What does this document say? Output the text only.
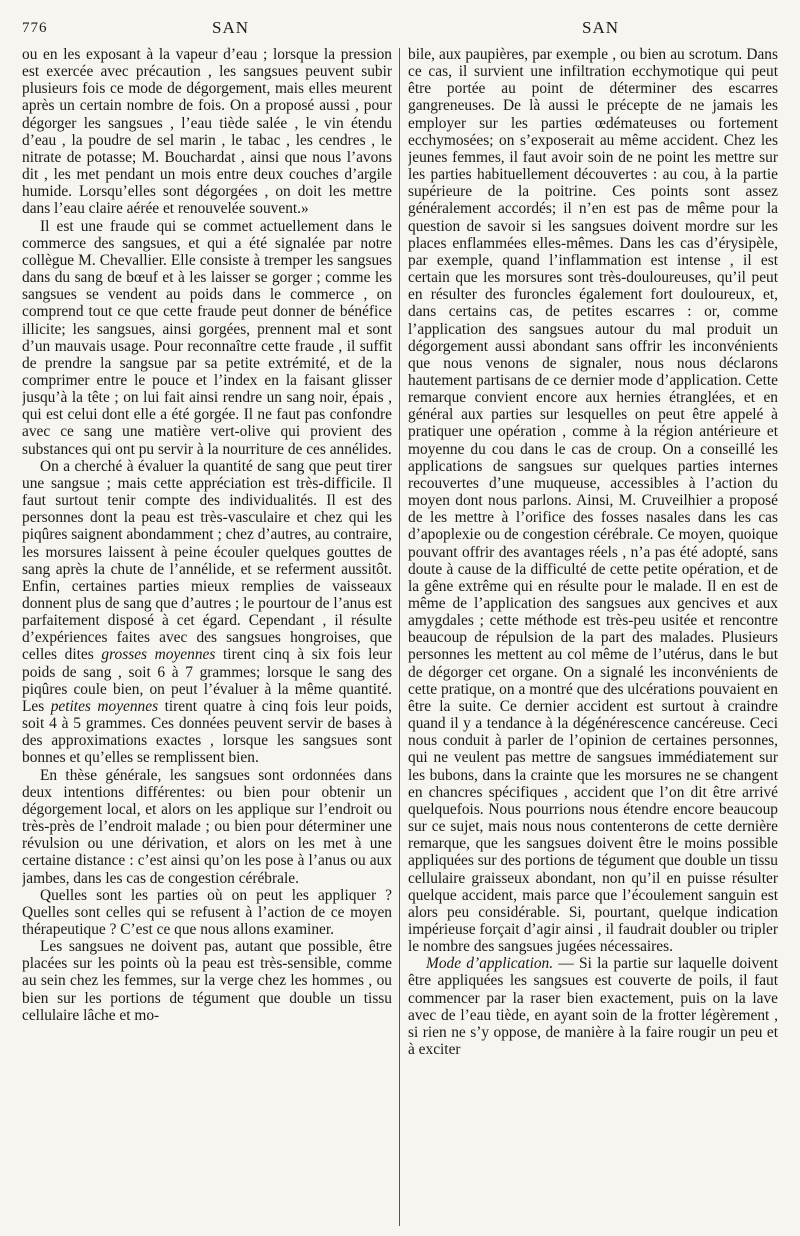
776	SAN	SAN

ou en les exposant à la vapeur d’eau ; lorsque la pression est exercée avec précaution , les sangsues peuvent subir plusieurs fois ce mode de dégorgement, mais elles meurent après un certain nombre de fois. On a proposé aussi , pour dégorger les sangsues , l’eau tiède salée , le vin étendu d’eau , la poudre de sel marin , le tabac , les cendres , le nitrate de potasse; M. Bouchardat , ainsi que nous l’avons dit , les met pendant un mois entre deux couches d’argile humide. Lorsqu’elles sont dégorgées , on doit les mettre dans l’eau claire aérée et renouvelée souvent.»

Il est une fraude qui se commet actuellement dans le commerce des sangsues, et qui a été signalée par notre collègue M. Chevallier. Elle consiste à tremper les sangsues dans du sang de bœuf et à les laisser se gorger ; comme les sangsues se vendent au poids dans le commerce , on comprend tout ce que cette fraude peut donner de bénéfice illicite; les sangsues, ainsi gorgées, prennent mal et sont d’un mauvais usage. Pour reconnaître cette fraude , il suffit de prendre la sangsue par sa petite extrémité, et de la comprimer entre le pouce et l’index en la faisant glisser jusqu’à la tête ; on lui fait ainsi rendre un sang noir, épais , qui est celui dont elle a été gorgée. Il ne faut pas confondre avec ce sang une matière vert-olive qui provient des substances qui ont pu servir à la nourriture de ces annélides.

On a cherché à évaluer la quantité de sang que peut tirer une sangsue ; mais cette appréciation est très-difficile. Il faut surtout tenir compte des individualités. Il est des personnes dont la peau est très-vasculaire et chez qui les piqûres saignent abondamment ; chez d’autres, au contraire, les morsures laissent à peine écouler quelques gouttes de sang après la chute de l’annélide, et se referment aussitôt. Enfin, certaines parties mieux remplies de vaisseaux donnent plus de sang que d’autres ; le pourtour de l’anus est parfaitement disposé à cet égard. Cependant , il résulte d’expériences faites avec des sangsues hongroises, que celles dites grosses moyennes tirent cinq à six fois leur poids de sang , soit 6 à 7 grammes; lorsque le sang des piqûres coule bien, on peut l’évaluer à la même quantité. Les petites moyennes tirent quatre à cinq fois leur poids, soit 4 à 5 grammes. Ces données peuvent servir de bases à des approximations exactes , lorsque les sangsues sont bonnes et qu’elles se remplissent bien.

En thèse générale, les sangsues sont ordonnées dans deux intentions différentes: ou bien pour obtenir un dégorgement local, et alors on les applique sur l’endroit ou très-près de l’endroit malade ; ou bien pour déterminer une révulsion ou une dérivation, et alors on les met à une certaine distance : c’est ainsi qu’on les pose à l’anus ou aux jambes, dans les cas de congestion cérébrale.

Quelles sont les parties où on peut les appliquer ? Quelles sont celles qui se refusent à l’action de ce moyen thérapeutique ? C’est ce que nous allons examiner.

Les sangsues ne doivent pas, autant que possible, être placées sur les points où la peau est très-sensible, comme au sein chez les femmes, sur la verge chez les hommes , ou bien sur les portions de tégument que double un tissu cellulaire lâche et mo-

bile, aux paupières, par exemple , ou bien au scrotum. Dans ce cas, il survient une infiltration ecchymotique qui peut être portée au point de déterminer des escarres gangreneuses. De là aussi le précepte de ne jamais les employer sur les parties œdémateuses ou fortement ecchymosées; on s’exposerait au même accident. Chez les jeunes femmes, il faut avoir soin de ne point les mettre sur les parties habituellement découvertes : au cou, à la partie supérieure de la poitrine. Ces points sont assez généralement accordés; il n’en est pas de même pour la question de savoir si les sangsues doivent mordre sur les places enflammées elles-mêmes. Dans les cas d’érysipèle, par exemple, quand l’inflammation est intense , il est certain que les morsures sont très-douloureuses, qu’il peut en résulter des furoncles également fort douloureux, et, dans certains cas, de petites escarres : or, comme l’application des sangsues autour du mal produit un dégorgement aussi abondant sans offrir les inconvénients que nous venons de signaler, nous nous déclarons hautement partisans de ce dernier mode d’application. Cette remarque convient encore aux hernies étranglées, et en général aux parties sur lesquelles on peut être appelé à pratiquer une opération , comme à la région antérieure et moyenne du cou dans le cas de croup. On a conseillé les applications de sangsues sur quelques parties internes recouvertes d’une muqueuse, accessibles à l’action du moyen dont nous parlons. Ainsi, M. Cruveilhier a proposé de les mettre à l’orifice des fosses nasales dans les cas d’apoplexie ou de congestion cérébrale. Ce moyen, quoique pouvant offrir des avantages réels , n’a pas été adopté, sans doute à cause de la difficulté de cette petite opération, et de la gêne extrême qui en résulte pour le malade. Il en est de même de l’application des sangsues aux gencives et aux amygdales ; cette méthode est très-peu usitée et rencontre beaucoup de répulsion de la part des malades. Plusieurs personnes les mettent au col même de l’utérus, dans le but de dégorger cet organe. On a signalé les inconvénients de cette pratique, on a montré que des ulcérations pouvaient en être la suite. Ce dernier accident est surtout à craindre quand il y a tendance à la dégénérescence cancéreuse. Ceci nous conduit à parler de l’opinion de certaines personnes, qui ne veulent pas mettre de sangsues immédiatement sur les bubons, dans la crainte que les morsures ne se changent en chancres spécifiques , accident que l’on dit être arrivé quelquefois. Nous pourrions nous étendre encore beaucoup sur ce sujet, mais nous nous contenterons de cette dernière remarque, que les sangsues doivent être le moins possible appliquées sur des portions de tégument que double un tissu cellulaire graisseux abondant, non qu’il en puisse résulter quelque accident, mais parce que l’écoulement sanguin est alors peu considérable. Si, pourtant, quelque indication impérieuse forçait d’agir ainsi , il faudrait doubler ou tripler le nombre des sangsues jugées nécessaires.

Mode d’application. — Si la partie sur laquelle doivent être appliquées les sangsues est couverte de poils, il faut commencer par la raser bien exactement, puis on la lave avec de l’eau tiède, en ayant soin de la frotter légèrement , si rien ne s’y oppose, de manière à la faire rougir un peu et à exciter
